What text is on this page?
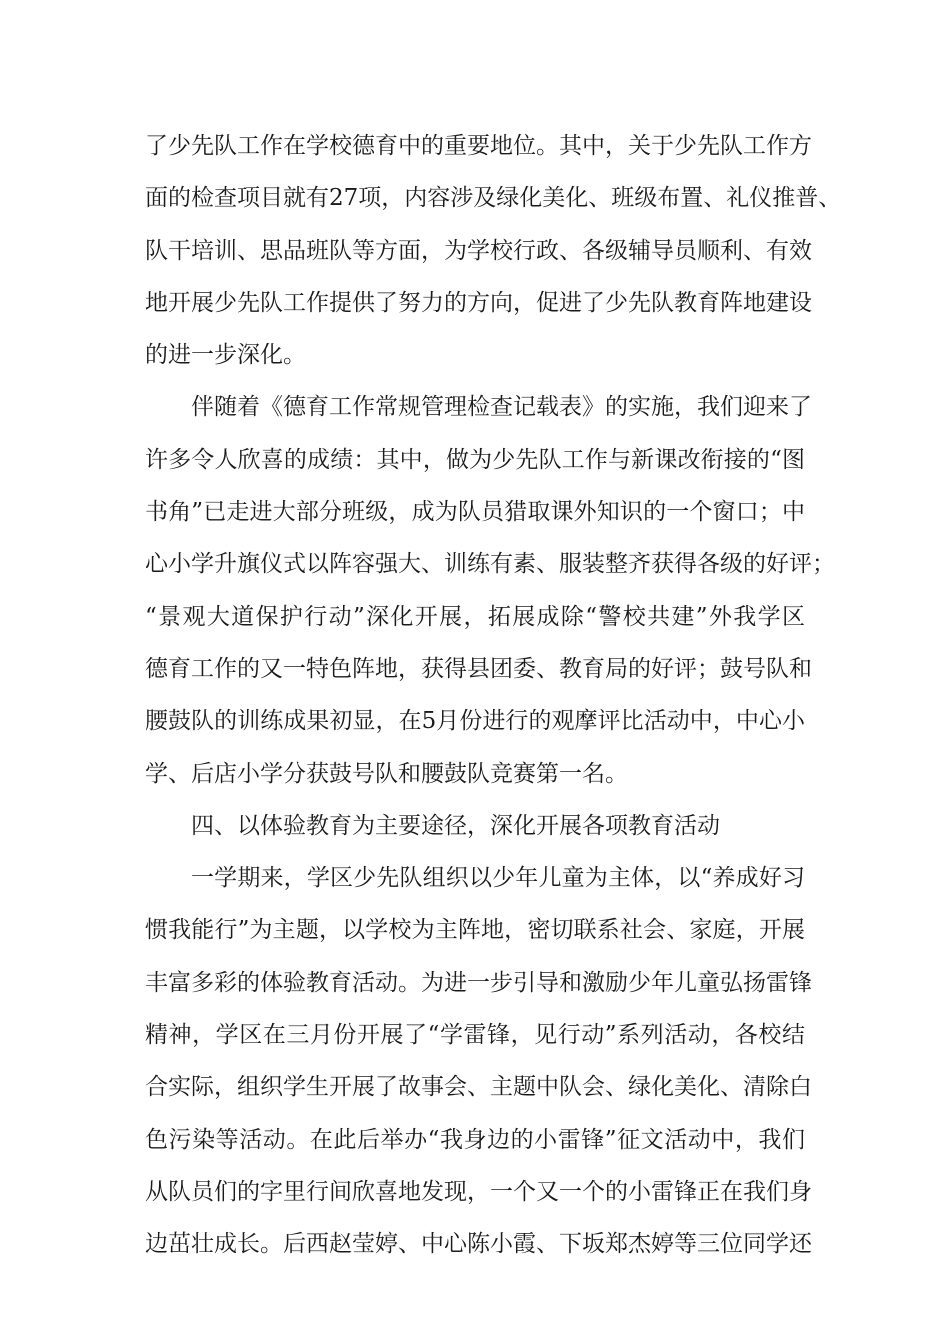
了少先队工作在学校德育中的重要地位。其中，关于少先队工作方
面的检查项目就有27项，内容涉及绿化美化、班级布置、礼仪推普、
队干培训、思品班队等方面，为学校行政、各级辅导员顺利、有效
地开展少先队工作提供了努力的方向，促进了少先队教育阵地建设
的进一步深化。
伴随着《德育工作常规管理检查记载表》的实施，我们迎来了
许多令人欣喜的成绩：其中，做为少先队工作与新课改衔接的“图
书角”已走进大部分班级，成为队员猎取课外知识的一个窗口；中
心小学升旗仪式以阵容强大、训练有素、服装整齐获得各级的好评；
“景观大道保护行动”深化开展，拓展成除“警校共建”外我学区
德育工作的又一特色阵地，获得县团委、教育局的好评；鼓号队和
腰鼓队的训练成果初显，在5月份进行的观摩评比活动中，中心小
学、后店小学分获鼓号队和腰鼓队竞赛第一名。
四、以体验教育为主要途径，深化开展各项教育活动
一学期来，学区少先队组织以少年儿童为主体，以“养成好习
惯我能行”为主题，以学校为主阵地，密切联系社会、家庭，开展
丰富多彩的体验教育活动。为进一步引导和激励少年儿童弘扬雷锋
精神，学区在三月份开展了“学雷锋，见行动”系列活动，各校结
合实际，组织学生开展了故事会、主题中队会、绿化美化、清除白
色污染等活动。在此后举办“我身边的小雷锋”征文活动中，我们
从队员们的字里行间欣喜地发现，一个又一个的小雷锋正在我们身
边茁壮成长。后西赵莹婷、中心陈小霞、下坂郑杰婷等三位同学还
